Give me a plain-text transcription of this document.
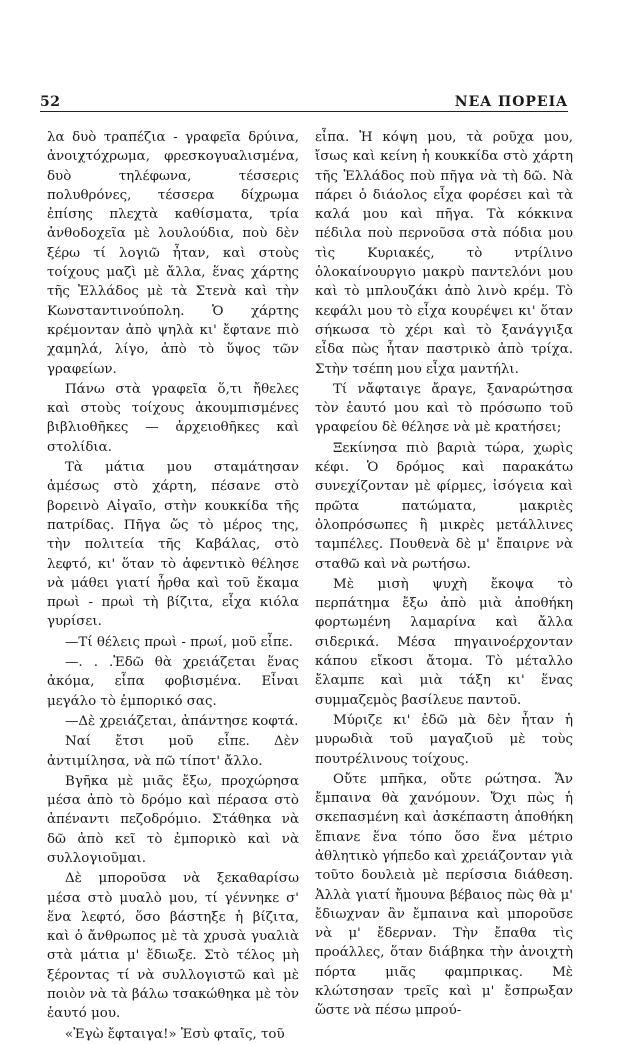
52	ΝΕΑ ΠΟΡΕΙΑ

λα δυὸ τραπέζια - γραφεῖα δρύινα, ἀνοιχτόχρωμα, φρεσκογυαλισμένα, δυὸ τηλέφωνα, τέσσερις πολυθρόνες, τέσσερα δίχρωμα ἐπίσης πλεχτὰ καθίσματα, τρία ἀνθοδοχεῖα μὲ λουλούδια, ποὺ δὲν ξέρω τί λογιῶ ἦταν, καὶ στοὺς τοίχους μαζὶ μὲ ἄλλα, ἕνας χάρτης τῆς Ἑλλάδος μὲ τὰ Στενὰ καὶ τὴν Κωνσταντινούπολη. Ὁ χάρτης κρέμονταν ἀπὸ ψηλὰ κι' ἔφτανε πιὸ χαμηλά, λίγο, ἀπὸ τὸ ὕψος τῶν γραφείων.

Πάνω στὰ γραφεῖα ὅ,τι ἤθελες καὶ στοὺς τοίχους ἀκουμπισμένες βιβλιοθῆκες — ἀρχειοθῆκες καὶ στολίδια.

Τὰ μάτια μου σταμάτησαν ἀμέσως στὸ χάρτη, πέσανε στὸ βορεινὸ Αἰγαῖο, στὴν κουκκίδα τῆς πατρίδας. Πῆγα ὥς τὸ μέρος της, τὴν πολιτεία τῆς Καβάλας, στὸ λεφτό, κι' ὅταν τὸ ἀφεντικὸ θέλησε νὰ μάθει γιατί ἦρθα καὶ τοῦ ἔκαμα πρωὶ - πρωὶ τὴ βίζιτα, εἶχα κιόλα γυρίσει.

—Τί θέλεις πρωὶ - πρωί, μοῦ εἶπε.

—. . .Ἐδῶ θὰ χρειάζεται ἕνας ἀκόμα, εἶπα φοβισμένα. Εἶναι μεγάλο τὸ ἐμπορικό σας.

—Δὲ χρειάζεται, ἀπάντησε κοφτά.

Ναί ἔτσι μοῦ εἶπε. Δὲν ἀντιμίλησα, νὰ πῶ τίποτ' ἄλλο.

Βγῆκα μὲ μιᾶς ἔξω, προχώρησα μέσα ἀπὸ τὸ δρόμο καὶ πέρασα στὸ ἀπέναντι πεζοδρόμιο. Στάθηκα νὰ δῶ ἀπὸ κεῖ τὸ ἐμπορικὸ καὶ νὰ συλλογιοῦμαι.

Δὲ μποροῦσα νὰ ξεκαθαρίσω μέσα στὸ μυαλὸ μου, τί γέννηκε σ' ἕνα λεφτό, ὅσο βάστηξε ἡ βίζιτα, καὶ ὁ ἄνθρωπος μὲ τὰ χρυσὰ γυαλιὰ στὰ μάτια μ' ἔδιωξε. Στὸ τέλος μὴ ξέροντας τί νὰ συλλογιστῶ καὶ μὲ ποιὸν νὰ τὰ βάλω τσακώθηκα μὲ τὸν ἑαυτό μου.

«Ἐγὼ ἔφταιγα!» Ἐσὺ φταῖς, τοῦ

εἶπα. Ἡ κόψη μου, τὰ ροῦχα μου, ἴσως καὶ κείνη ἡ κουκκίδα στὸ χάρτη τῆς Ἑλλάδος ποὺ πῆγα νὰ τὴ δῶ. Νὰ πάρει ὁ διάολος εἶχα φορέσει καὶ τὰ καλά μου καὶ πῆγα. Τὰ κόκκινα πέδιλα ποὺ περνοῦσα στὰ πόδια μου τὶς Κυριακές, τὸ ντρίλινο ὁλοκαίνουργιο μακρὺ παντελόνι μου καὶ τὸ μπλουζάκι ἀπὸ λινὸ κρέμ. Τὸ κεφάλι μου τὸ εἶχα κουρέψει κι' ὅταν σήκωσα τὸ χέρι καὶ τὸ ξανάγγιξα εἶδα πὼς ἦταν παστρικὸ ἀπὸ τρίχα. Στὴν τσέπη μου εἶχα μαντήλι.

Τί νἄφταιγε ἄραγε, ξαναρώτησα τὸν ἑαυτό μου καὶ τὸ πρόσωπο τοῦ γραφείου δὲ θέλησε νὰ μὲ κρατήσει;

Ξεκίνησα πιὸ βαριὰ τώρα, χωρὶς κέφι. Ὁ δρόμος καὶ παρακάτω συνεχίζονταν μὲ φίρμες, ἰσόγεια καὶ πρῶτα πατώματα, μακριὲς ὁλοπρόσωπες ἢ μικρὲς μετάλλινες ταμπέλες. Πουθενὰ δὲ μ' ἔπαιρνε νὰ σταθῶ καὶ νὰ ρωτήσω.

Μὲ μισὴ ψυχὴ ἔκοψα τὸ περπάτημα ἔξω ἀπὸ μιὰ ἀποθήκη φορτωμένη λαμαρίνα καὶ ἄλλα σιδερικά. Μέσα πηγαινοέρχονταν κάπου εἴκοσι ἄτομα. Τὸ μέταλλο ἔλαμπε καὶ μιὰ τάξη κι' ἕνας συμμαζεμὸς βασίλευε παντοῦ.

Μύριζε κι' ἐδῶ μὰ δὲν ἦταν ἡ μυρωδιὰ τοῦ μαγαζιοῦ μὲ τοὺς πουτρέλινους τοίχους.

Οὔτε μπῆκα, οὔτε ρώτησα. Ἄν ἔμπαινα θὰ χανόμουν. Ὄχι πὼς ἡ σκεπασμένη καὶ ἀσκέπαστη ἀποθήκη ἔπιανε ἕνα τόπο ὅσο ἕνα μέτριο ἀθλητικὸ γήπεδο καὶ χρειάζονταν γιὰ τοῦτο δουλειὰ μὲ περίσσια διάθεση. Ἀλλὰ γιατί ἤμουνα βέβαιος πὼς θὰ μ' ἔδιωχναν ἂν ἔμπαινα καὶ μποροῦσε νὰ μ' ἔδερναν. Τὴν ἔπαθα τὶς προάλλες, ὅταν διάβηκα τὴν ἀνοιχτὴ πόρτα μιᾶς φαμπρικας. Μὲ κλώτσησαν τρεῖς καὶ μ' ἔσπρωξαν ὥστε νὰ πέσω μπρού-
